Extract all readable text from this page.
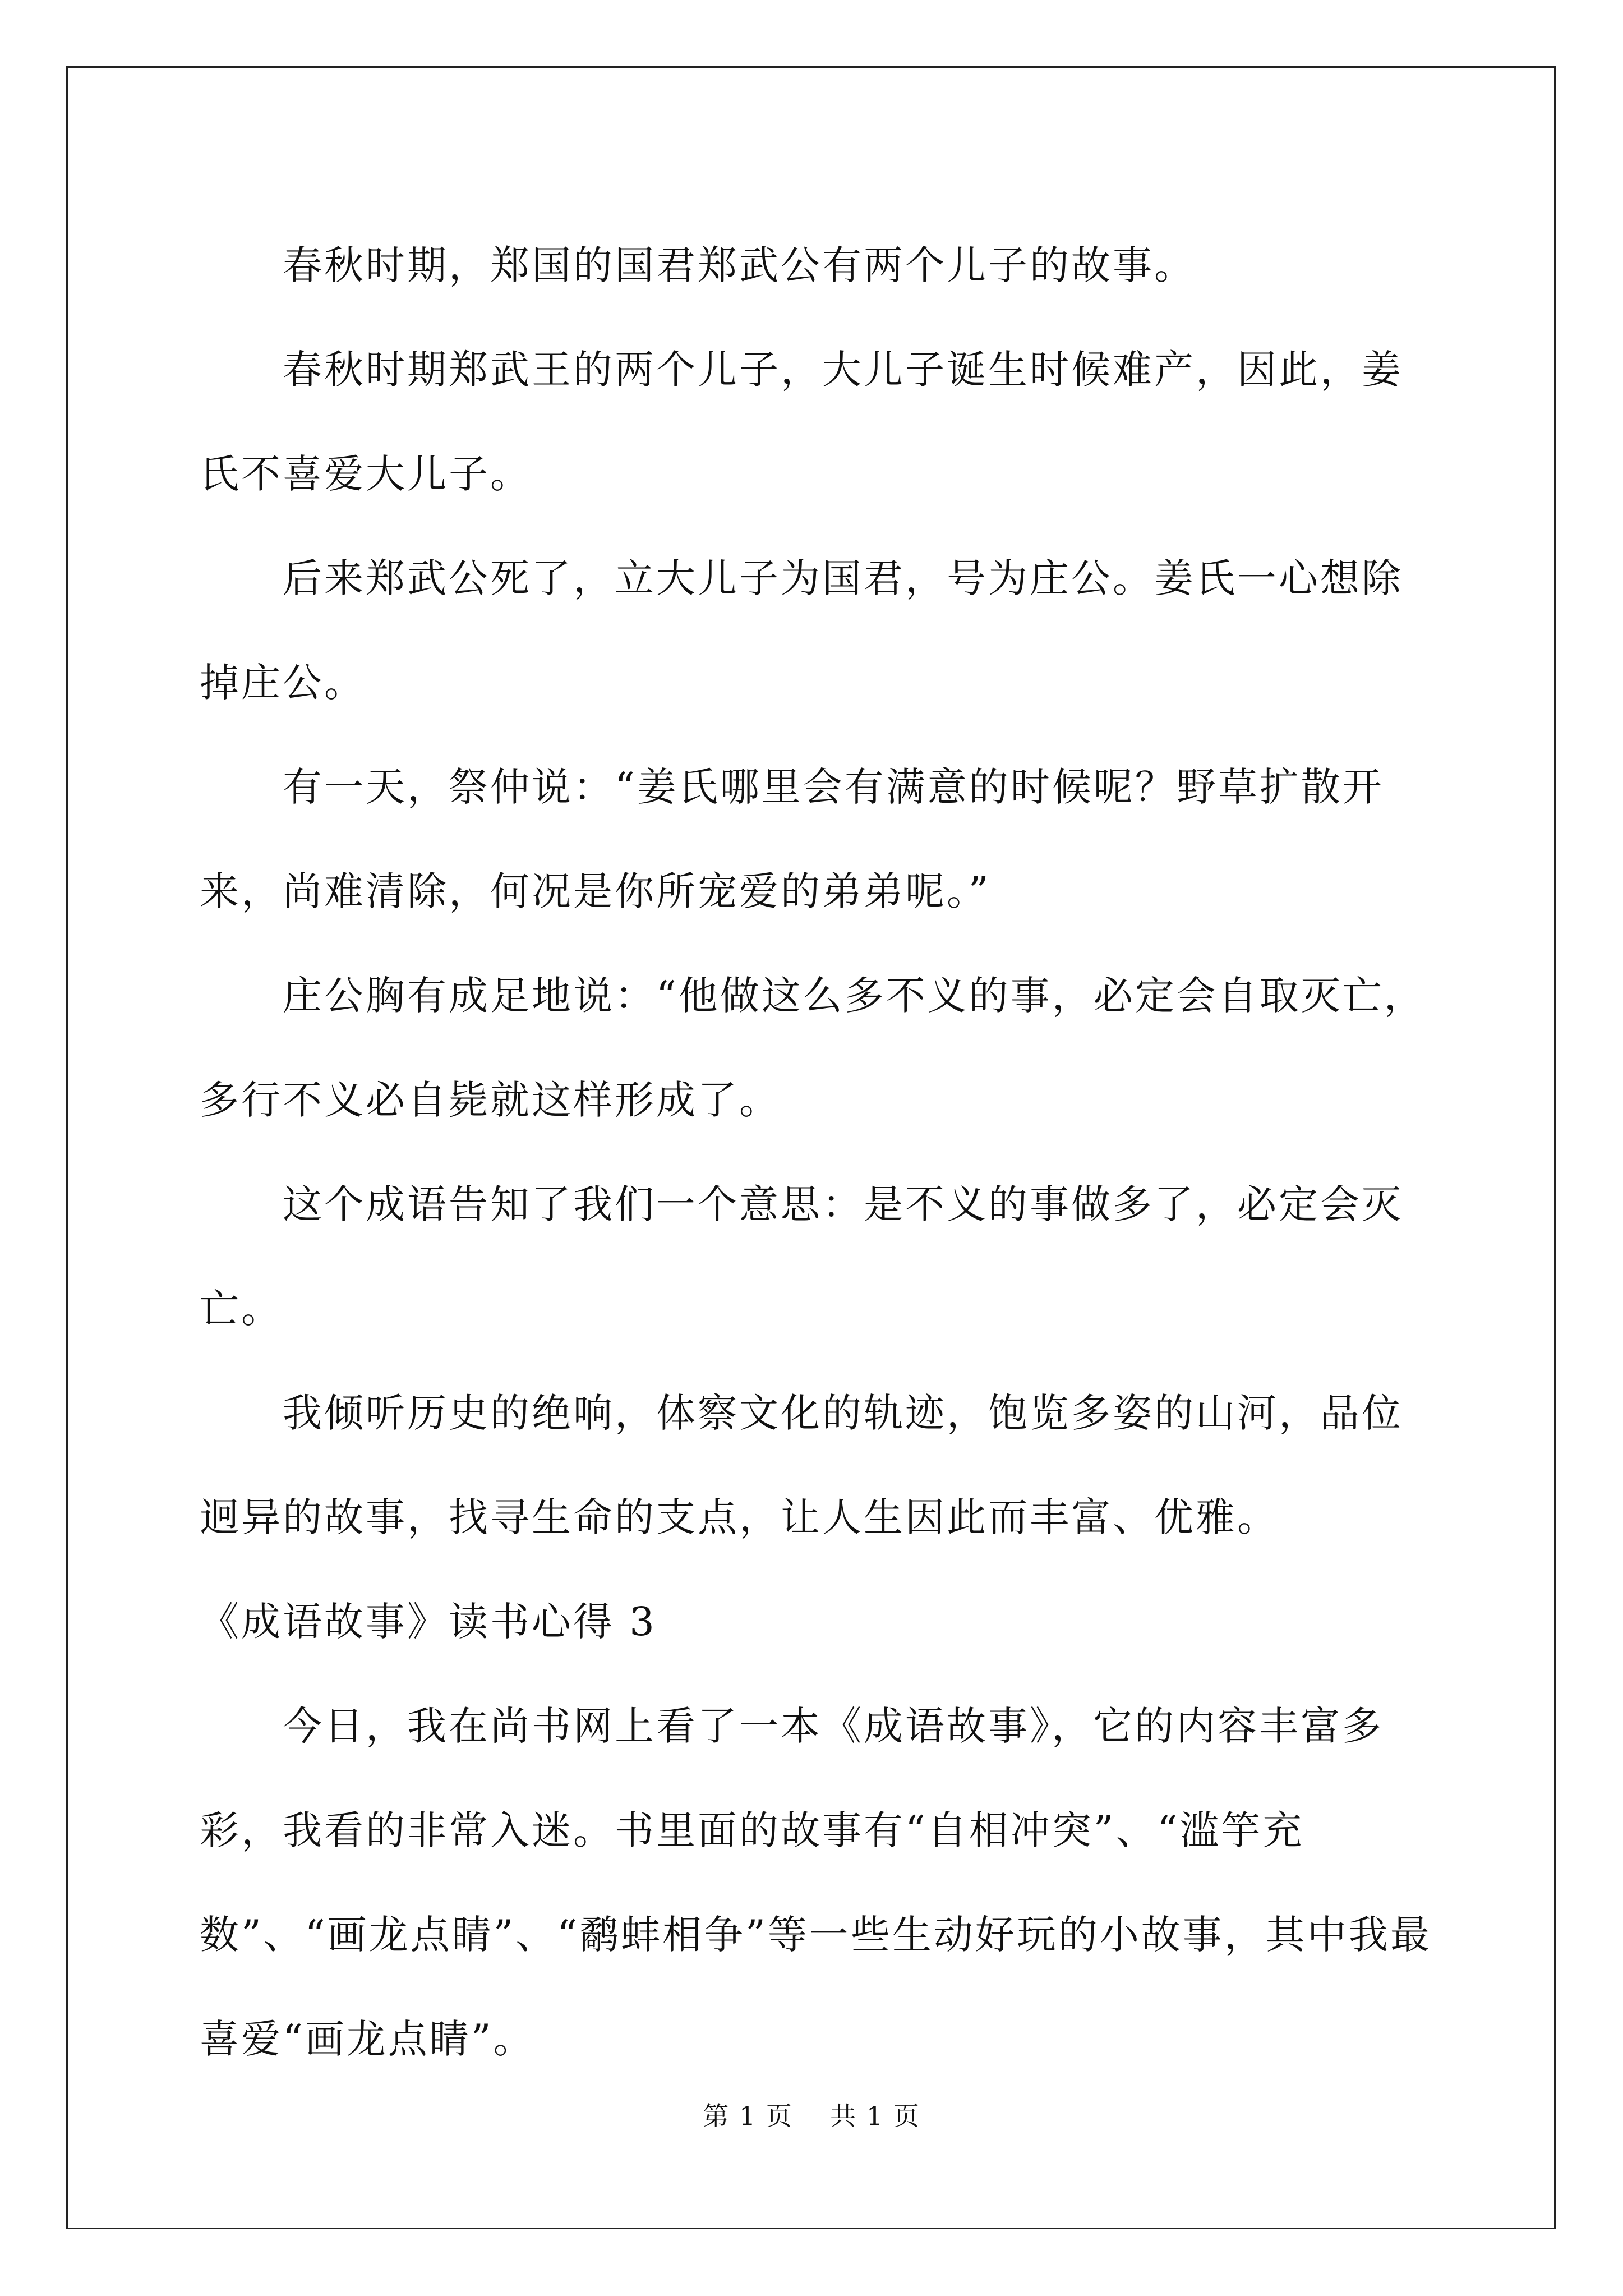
春秋时期，郑国的国君郑武公有两个儿子的故事。

春秋时期郑武王的两个儿子，大儿子诞生时候难产，因此，姜氏不喜爱大儿子。

后来郑武公死了，立大儿子为国君，号为庄公。姜氏一心想除掉庄公。

有一天，祭仲说：“姜氏哪里会有满意的时候呢？野草扩散开来，尚难清除，何况是你所宠爱的弟弟呢。”

庄公胸有成足地说：“他做这么多不义的事，必定会自取灭亡，多行不义必自毙就这样形成了。

这个成语告知了我们一个意思：是不义的事做多了，必定会灭亡。

我倾听历史的绝响，体察文化的轨迹，饱览多姿的山河，品位迥异的故事，找寻生命的支点，让人生因此而丰富、优雅。

《成语故事》读书心得 3

今日，我在尚书网上看了一本《成语故事》，它的内容丰富多彩，我看的非常入迷。书里面的故事有“自相冲突”、“滥竽充数”、“画龙点睛”、“鹬蚌相争”等一些生动好玩的小故事，其中我最喜爱“画龙点睛”。

第 1 页    共 1 页
